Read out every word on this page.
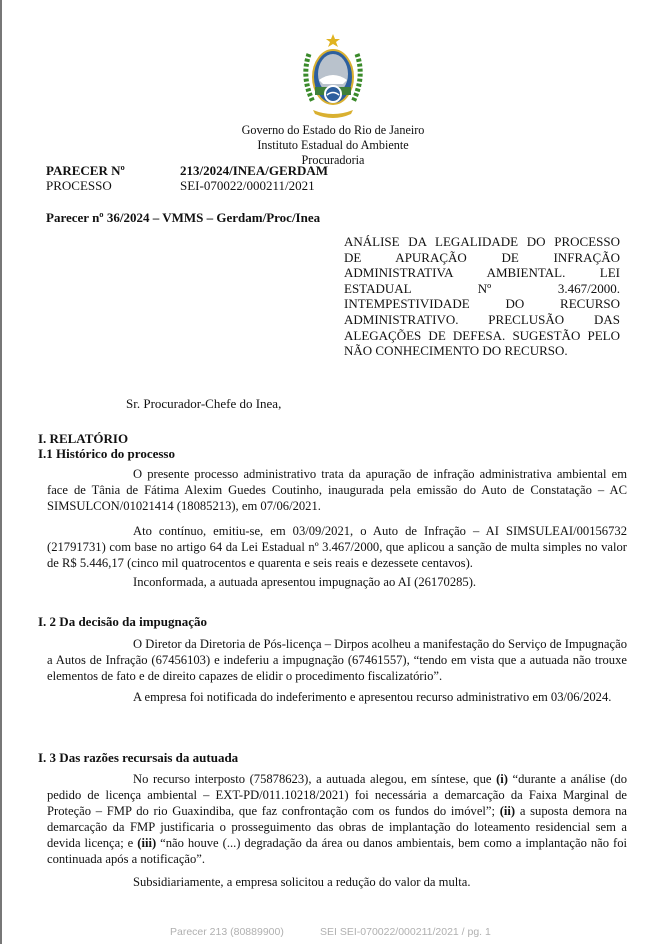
Governo do Estado do Rio de Janeiro
Instituto Estadual do Ambiente
Procuradoria
PARECER Nº	213/2024/INEA/GERDAM
PROCESSO	SEI-070022/000211/2021
Parecer nº 36/2024 – VMMS – Gerdam/Proc/Inea
ANÁLISE DA LEGALIDADE DO PROCESSO
DE APURAÇÃO DE INFRAÇÃO
ADMINISTRATIVA AMBIENTAL. LEI
ESTADUAL Nº 3.467/2000.
INTEMPESTIVIDADE DO RECURSO
ADMINISTRATIVO. PRECLUSÃO DAS
ALEGAÇÕES DE DEFESA. SUGESTÃO PELO
NÃO CONHECIMENTO DO RECURSO.
Sr. Procurador-Chefe do Inea,
I. RELATÓRIO
I.1 Histórico do processo
O presente processo administrativo trata da apuração de infração administrativa ambiental em face de Tânia de Fátima Alexim Guedes Coutinho, inaugurada pela emissão do Auto de Constatação – AC SIMSULCON/01021414 (18085213), em 07/06/2021.
Ato contínuo, emitiu-se, em 03/09/2021, o Auto de Infração – AI SIMSULEAI/00156732 (21791731) com base no artigo 64 da Lei Estadual nº 3.467/2000, que aplicou a sanção de multa simples no valor de R$ 5.446,17 (cinco mil quatrocentos e quarenta e seis reais e dezessete centavos).
Inconformada, a autuada apresentou impugnação ao AI (26170285).
I. 2 Da decisão da impugnação
O Diretor da Diretoria de Pós-licença – Dirpos acolheu a manifestação do Serviço de Impugnação a Autos de Infração (67456103) e indeferiu a impugnação (67461557), “tendo em vista que a autuada não trouxe elementos de fato e de direito capazes de elidir o procedimento fiscalizatório”.
A empresa foi notificada do indeferimento e apresentou recurso administrativo em 03/06/2024.
I. 3 Das razões recursais da autuada
No recurso interposto (75878623), a autuada alegou, em síntese, que (i) “durante a análise (do pedido de licença ambiental – EXT-PD/011.10218/2021) foi necessária a demarcação da Faixa Marginal de Proteção – FMP do rio Guaxindiba, que faz confrontação com os fundos do imóvel”; (ii) a suposta demora na demarcação da FMP justificaria o prosseguimento das obras de implantação do loteamento residencial sem a devida licença; e (iii) “não houve (...) degradação da área ou danos ambientais, bem como a implantação não foi continuada após a notificação”.
Subsidiariamente, a empresa solicitou a redução do valor da multa.
Parecer 213 (80889900)	SEI SEI-070022/000211/2021 / pg. 1
